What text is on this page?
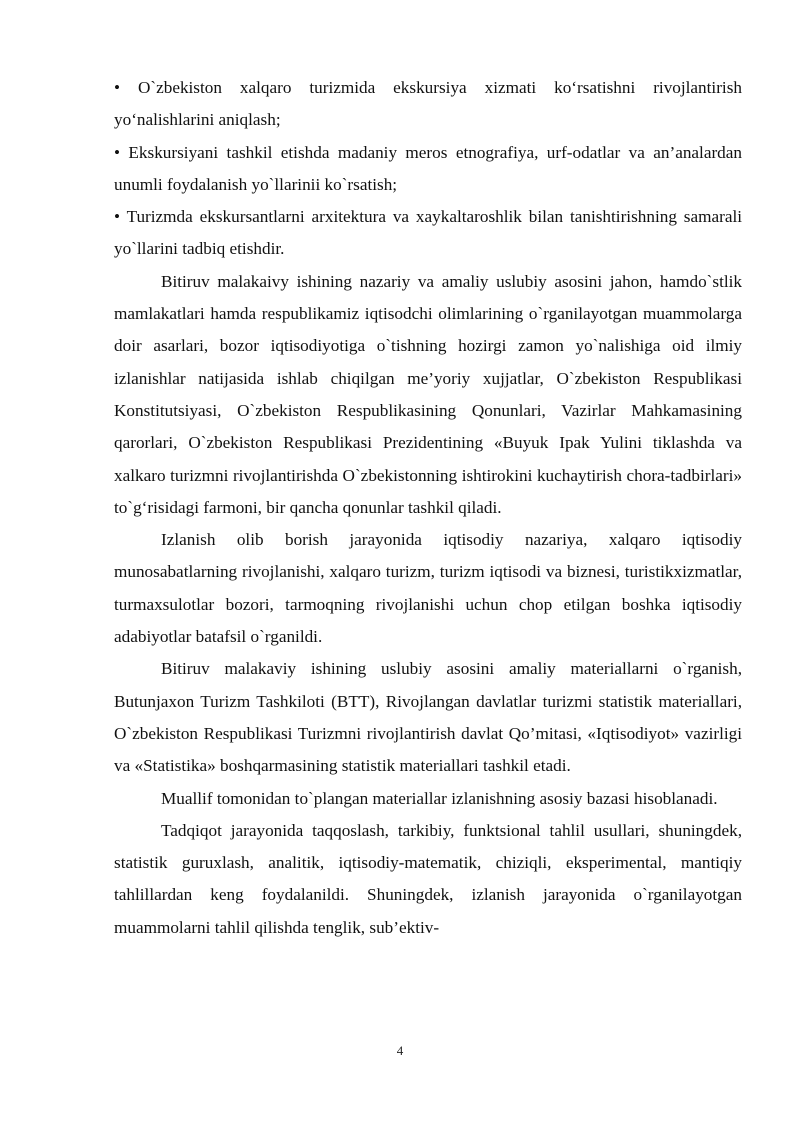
• O`zbekiston xalqaro turizmida ekskursiya xizmati ko‘rsatishni rivojlantirish yo‘nalishlarini aniqlash;

• Ekskursiyani tashkil etishda madaniy meros etnografiya, urf-odatlar va an’analardan unumli foydalanish yo`llarinii ko`rsatish;

• Turizmda ekskursantlarni arxitektura va xaykaltaroshlik bilan tanishtirishning samarali yo`llarini tadbiq etishdir.

Bitiruv malakaivy ishining nazariy va amaliy uslubiy asosini jahon, hamdo`stlik mamlakatlari hamda respublikamiz iqtisodchi olimlarining o`rganilayotgan muammolarga doir asarlari, bozor iqtisodiyotiga o`tishning hozirgi zamon yo`nalishiga oid ilmiy izlanishlar natijasida ishlab chiqilgan me’yoriy xujjatlar, O`zbekiston Respublikasi Konstitutsiyasi, O`zbekiston Respublikasining Qonunlari, Vazirlar Mahkamasining qarorlari, O`zbekiston Respublikasi Prezidentining «Buyuk Ipak Yulini tiklashda va xalkaro turizmni rivojlantirishda O`zbekistonning ishtirokini kuchaytirish chora-tadbirlari» to`g‘risidagi farmoni, bir qancha qonunlar tashkil qiladi.

Izlanish olib borish jarayonida iqtisodiy nazariya, xalqaro iqtisodiy munosabatlarning rivojlanishi, xalqaro turizm, turizm iqtisodi va biznesi, turistikxizmatlar, turmaxsulotlar bozori, tarmoqning rivojlanishi uchun chop etilgan boshka iqtisodiy adabiyotlar batafsil o`rganildi.

Bitiruv malakaviy ishining uslubiy asosini amaliy materiallarni o`rganish, Butunjaxon Turizm Tashkiloti (BTT), Rivojlangan davlatlar turizmi statistik materiallari, O`zbekiston Respublikasi Turizmni rivojlantirish davlat Qo’mitasi, «Iqtisodiyot» vazirligi va «Statistika» boshqarmasining statistik materiallari tashkil etadi.

Muallif tomonidan to`plangan materiallar izlanishning asosiy bazasi hisoblanadi.

Tadqiqot jarayonida taqqoslash, tarkibiy, funktsional tahlil usullari, shuningdek, statistik guruxlash, analitik, iqtisodiy-matematik, chiziqli, eksperimental, mantiqiy tahlillardan keng foydalanildi. Shuningdek, izlanish jarayonida o`rganilayotgan muammolarni tahlil qilishda tenglik, sub’ektiv-

4
